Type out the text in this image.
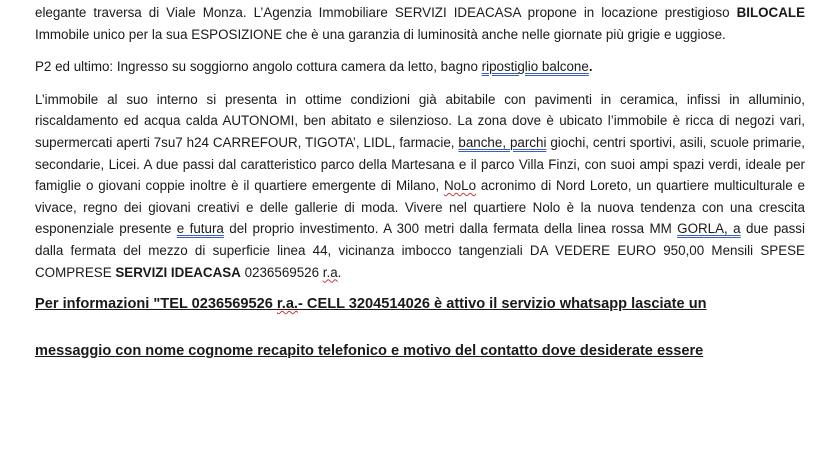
elegante traversa di Viale Monza. L’Agenzia Immobiliare SERVIZI IDEACASA propone in locazione prestigioso BILOCALE Immobile unico per la sua ESPOSIZIONE che è una garanzia di luminosità anche nelle giornate più grigie e uggiose.

P2 ed ultimo: Ingresso su soggiorno angolo cottura camera da letto, bagno ripostiglio balcone.

L’immobile al suo interno si presenta in ottime condizioni già abitabile con pavimenti in ceramica, infissi in alluminio, riscaldamento ed acqua calda AUTONOMI, ben abitato e silenzioso. La zona dove è ubicato l’immobile è ricca di negozi vari, supermercati aperti 7su7 h24 CARREFOUR, TIGOTA’, LIDL, farmacie, banche, parchi giochi, centri sportivi, asili, scuole primarie, secondarie, Licei. A due passi dal caratteristico parco della Martesana e il parco Villa Finzi, con suoi ampi spazi verdi, ideale per famiglie o giovani coppie inoltre è il quartiere emergente di Milano, NoLo acronimo di Nord Loreto, un quartiere multiculturale e vivace, regno dei giovani creativi e delle gallerie di moda. Vivere nel quartiere Nolo è la nuova tendenza con una crescita esponenziale presente e futura del proprio investimento. A 300 metri dalla fermata della linea rossa MM GORLA, a due passi dalla fermata del mezzo di superficie linea 44, vicinanza imbocco tangenziali DA VEDERE EURO 950,00 Mensili SPESE COMPRESE SERVIZI IDEACASA 0236569526 r.a.

Per informazioni "TEL 0236569526 r.a.- CELL 3204514026 è attivo il servizio whatsapp lasciate un
messaggio con nome cognome recapito telefonico e motivo del contatto dove desiderate essere
